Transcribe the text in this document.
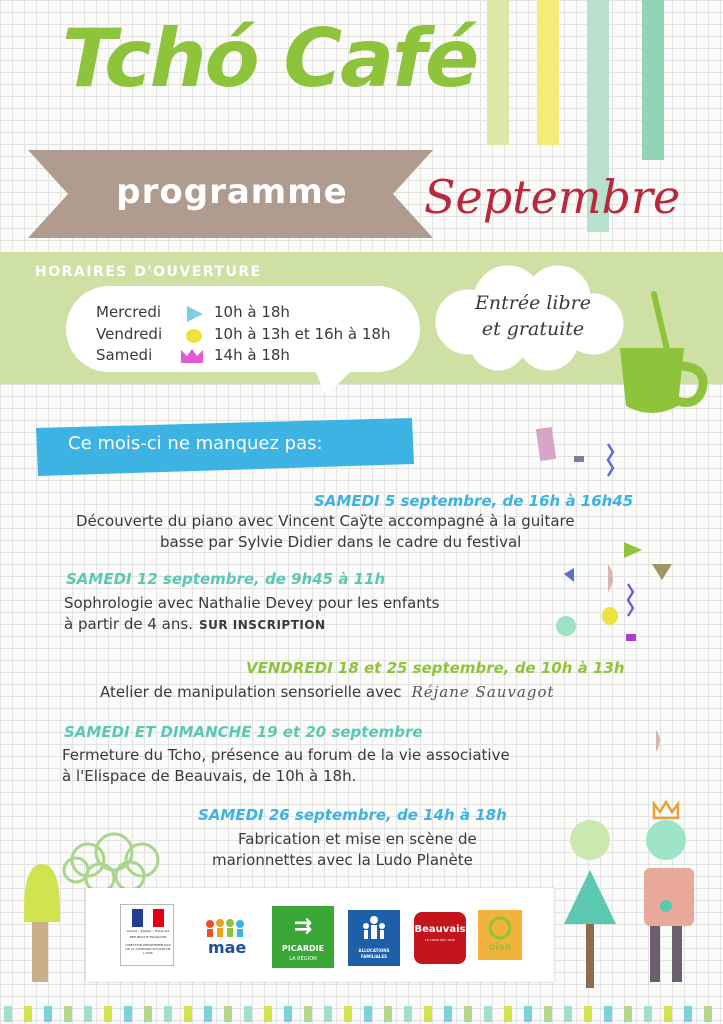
Tchó Café
programme	Septembre
HORAIRES D'OUVERTURE
Mercredi
Vendredi
Samedi
10h à 18h
10h à 13h et 16h à 18h
14h à 18h
Entrée libre
et gratuite
Ce mois-ci ne manquez pas:
SAMEDI 5 septembre, de 16h à 16h45
Découverte du piano avec Vincent Caÿte accompagné à la guitare
basse par Sylvie Didier dans le cadre du festival
SAMEDI 12 septembre, de 9h45 à 11h
Sophrologie avec Nathalie Devey pour les enfants
à partir de 4 ans. SUR INSCRIPTION
VENDREDI 18 et 25 septembre, de 10h à 13h
Atelier de manipulation sensorielle avec Réjane Sauvagot
SAMEDI ET DIMANCHE 19 et 20 septembre
Fermeture du Tcho, présence au forum de la vie associative
à l'Elispace de Beauvais, de 10h à 18h.
SAMEDI 26 septembre, de 14h à 18h
Fabrication et mise en scène de
marionnettes avec la Ludo Planète
Liberté • Égalité • Fraternité
RÉPUBLIQUE FRANÇAISE
DIRECTION DÉPARTEMENTALE DE LA COHÉSION SOCIALE DE L'OISE	mae
⇉
PICARDIE
LA RÉGION
ALLOCATIONS FAMILIALES
Beauvais
LE CŒUR DE L'OISE
oise
